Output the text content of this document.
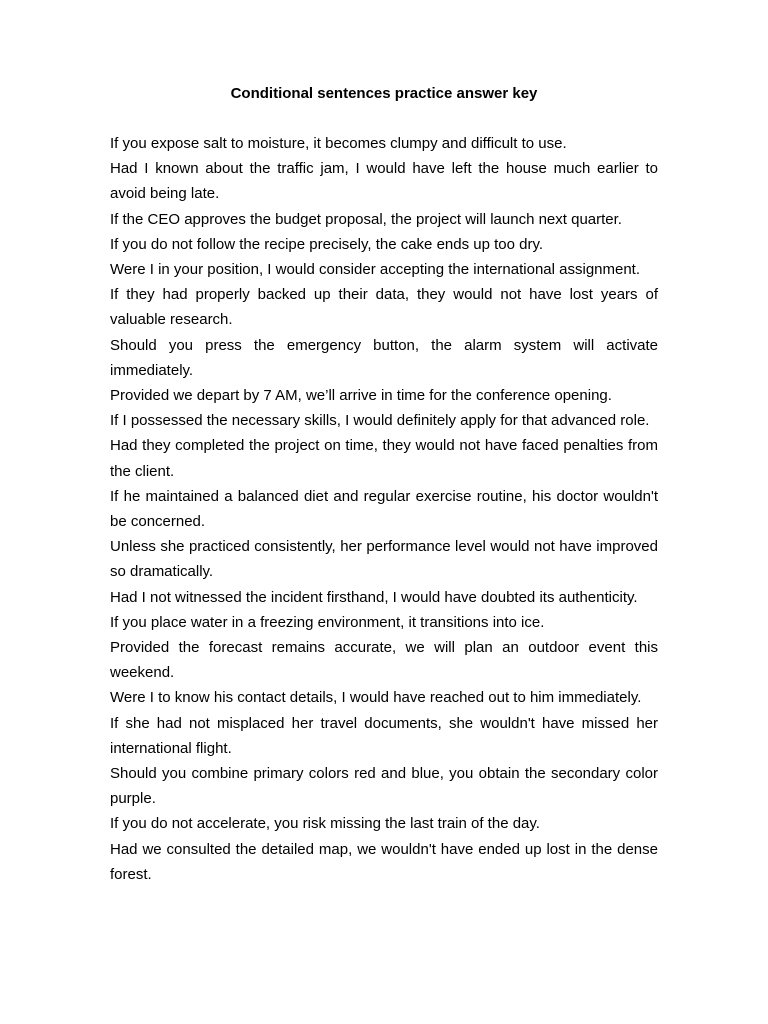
Conditional sentences practice answer key
If you expose salt to moisture, it becomes clumpy and difficult to use.
Had I known about the traffic jam, I would have left the house much earlier to avoid being late.
If the CEO approves the budget proposal, the project will launch next quarter.
If you do not follow the recipe precisely, the cake ends up too dry.
Were I in your position, I would consider accepting the international assignment.
If they had properly backed up their data, they would not have lost years of valuable research.
Should you press the emergency button, the alarm system will activate immediately.
Provided we depart by 7 AM, we’ll arrive in time for the conference opening.
If I possessed the necessary skills, I would definitely apply for that advanced role.
Had they completed the project on time, they would not have faced penalties from the client.
If he maintained a balanced diet and regular exercise routine, his doctor wouldn't be concerned.
Unless she practiced consistently, her performance level would not have improved so dramatically.
Had I not witnessed the incident firsthand, I would have doubted its authenticity.
If you place water in a freezing environment, it transitions into ice.
Provided the forecast remains accurate, we will plan an outdoor event this weekend.
Were I to know his contact details, I would have reached out to him immediately.
If she had not misplaced her travel documents, she wouldn't have missed her international flight.
Should you combine primary colors red and blue, you obtain the secondary color purple.
If you do not accelerate, you risk missing the last train of the day.
Had we consulted the detailed map, we wouldn't have ended up lost in the dense forest.
